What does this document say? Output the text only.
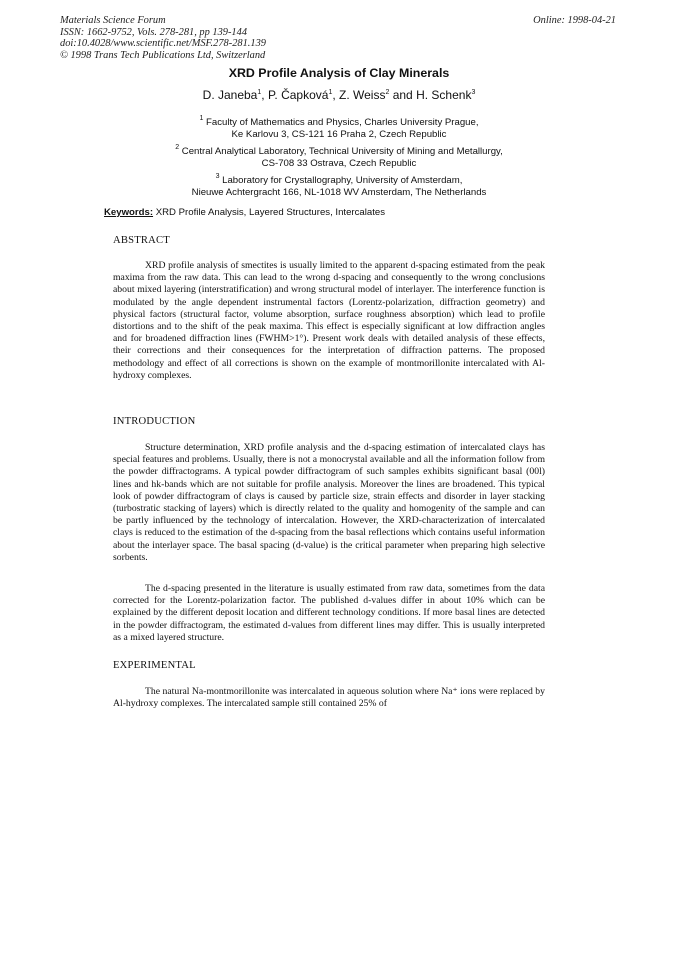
Materials Science Forum
ISSN: 1662-9752, Vols. 278-281, pp 139-144
doi:10.4028/www.scientific.net/MSF.278-281.139
© 1998 Trans Tech Publications Ltd, Switzerland
Online: 1998-04-21
XRD Profile Analysis of Clay Minerals
D. Janeba$^1$, P. Čapková$^1$, Z. Weiss$^2$ and H. Schenk$^3$
$^1$ Faculty of Mathematics and Physics, Charles University Prague,
Ke Karlovu 3, CS-121 16 Praha 2, Czech Republic
$^2$ Central Analytical Laboratory, Technical University of Mining and Metallurgy,
CS-708 33 Ostrava, Czech Republic
$^3$ Laboratory for Crystallography, University of Amsterdam,
Nieuwe Achtergracht 166, NL-1018 WV Amsterdam, The Netherlands
Keywords: XRD Profile Analysis, Layered Structures, Intercalates
ABSTRACT

XRD profile analysis of smectites is usually limited to the apparent d-spacing estimated from the peak maxima from the raw data. This can lead to the wrong d-spacing and consequently to the wrong conclusions about mixed layering (interstratification) and wrong structural model of interlayer. The interference function is modulated by the angle dependent instrumental factors (Lorentz-polarization, diffraction geometry) and physical factors (structural factor, volume absorption, surface roughness absorption) which lead to profile distortions and to the shift of the peak maxima. This effect is especially significant at low diffraction angles and for broadened diffraction lines (FWHM>1°). Present work deals with detailed analysis of these effects, their corrections and their consequences for the interpretation of diffraction patterns. The proposed methodology and effect of all corrections is shown on the example of montmorillonite intercalated with Al-hydroxy complexes.

INTRODUCTION

Structure determination, XRD profile analysis and the d-spacing estimation of intercalated clays has special features and problems. Usually, there is not a monocrystal available and all the information follow from the powder diffractograms. A typical powder diffractogram of such samples exhibits significant basal (00l) lines and hk-bands which are not suitable for profile analysis. Moreover the lines are broadened. This typical look of powder diffractogram of clays is caused by particle size, strain effects and disorder in layer stacking (turbostratic stacking of layers) which is directly related to the quality and homogenity of the sample and can be partly influenced by the technology of intercalation. However, the XRD-characterization of intercalated clays is reduced to the estimation of the d-spacing from the basal reflections which contains useful information about the interlayer space. The basal spacing (d-value) is the critical parameter when preparing high selective sorbents.

The d-spacing presented in the literature is usually estimated from raw data, sometimes from the data corrected for the Lorentz-polarization factor. The published d-values differ in about 10% which can be explained by the different deposit location and different technology conditions. If more basal lines are detected in the powder diffractogram, the estimated d-values from different lines may differ. This is usually interpreted as a mixed layered structure.

EXPERIMENTAL

The natural Na-montmorillonite was intercalated in aqueous solution where Na⁺ ions were replaced by Al-hydroxy complexes. The intercalated sample still contained 25% of
